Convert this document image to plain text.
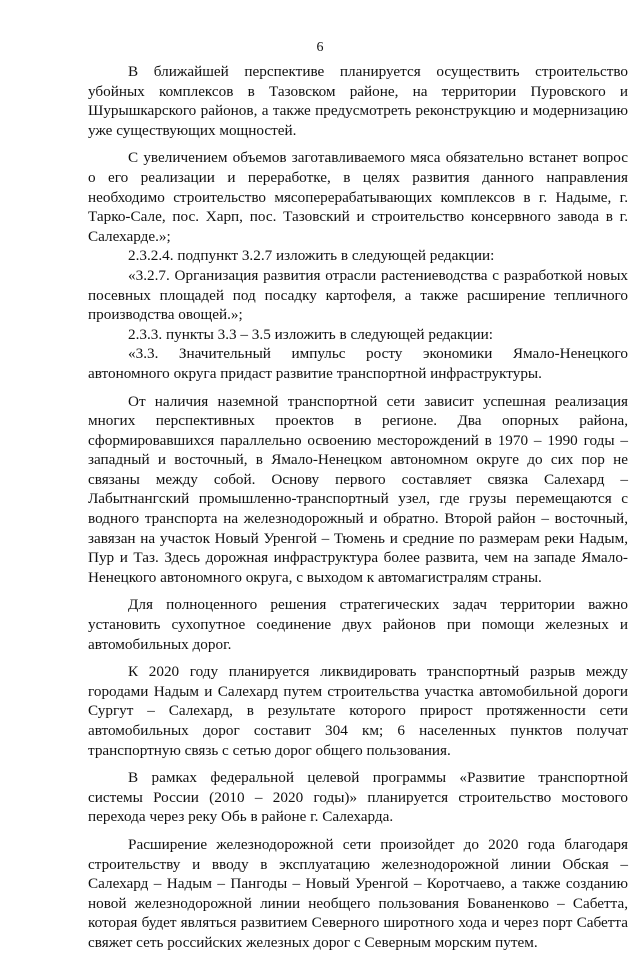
6

В ближайшей перспективе планируется осуществить строительство убойных комплексов в Тазовском районе, на территории Пуровского и Шурышкарского районов, а также предусмотреть реконструкцию и модернизацию уже существующих мощностей.

С увеличением объемов заготавливаемого мяса обязательно встанет вопрос о его реализации и переработке, в целях развития данного направления необходимо строительство мясоперерабатывающих комплексов в г. Надыме, г. Тарко-Сале, пос. Харп, пос. Тазовский и строительство консервного завода в г. Салехарде.»;

2.3.2.4. подпункт 3.2.7 изложить в следующей редакции:

«3.2.7. Организация развития отрасли растениеводства с разработкой новых посевных площадей под посадку картофеля, а также расширение тепличного производства овощей.»;

2.3.3. пункты 3.3 – 3.5 изложить в следующей редакции:

«3.3. Значительный импульс росту экономики Ямало-Ненецкого автономного округа придаст развитие транспортной инфраструктуры.

От наличия наземной транспортной сети зависит успешная реализация многих перспективных проектов в регионе. Два опорных района, сформировавшихся параллельно освоению месторождений в 1970 – 1990 годы – западный и восточный, в Ямало-Ненецком автономном округе до сих пор не связаны между собой. Основу первого составляет связка Салехард – Лабытнангский промышленно-транспортный узел, где грузы перемещаются с водного транспорта на железнодорожный и обратно. Второй район – восточный, завязан на участок Новый Уренгой – Тюмень и средние по размерам реки Надым, Пур и Таз. Здесь дорожная инфраструктура более развита, чем на западе Ямало-Ненецкого автономного округа, с выходом к автомагистралям страны.

Для полноценного решения стратегических задач территории важно установить сухопутное соединение двух районов при помощи железных и автомобильных дорог.

К 2020 году планируется ликвидировать транспортный разрыв между городами Надым и Салехард путем строительства участка автомобильной дороги Сургут – Салехард, в результате которого прирост протяженности сети автомобильных дорог составит 304 км; 6 населенных пунктов получат транспортную связь с сетью дорог общего пользования.

В рамках федеральной целевой программы «Развитие транспортной системы России (2010 – 2020 годы)» планируется строительство мостового перехода через реку Обь в районе г. Салехарда.

Расширение железнодорожной сети произойдет до 2020 года благодаря строительству и вводу в эксплуатацию железнодорожной линии Обская – Салехард – Надым – Пангоды – Новый Уренгой – Коротчаево, а также созданию новой железнодорожной линии необщего пользования Бованенково – Сабетта, которая будет являться развитием Северного широтного хода и через порт Сабетта свяжет сеть российских железных дорог с Северным морским путем.
